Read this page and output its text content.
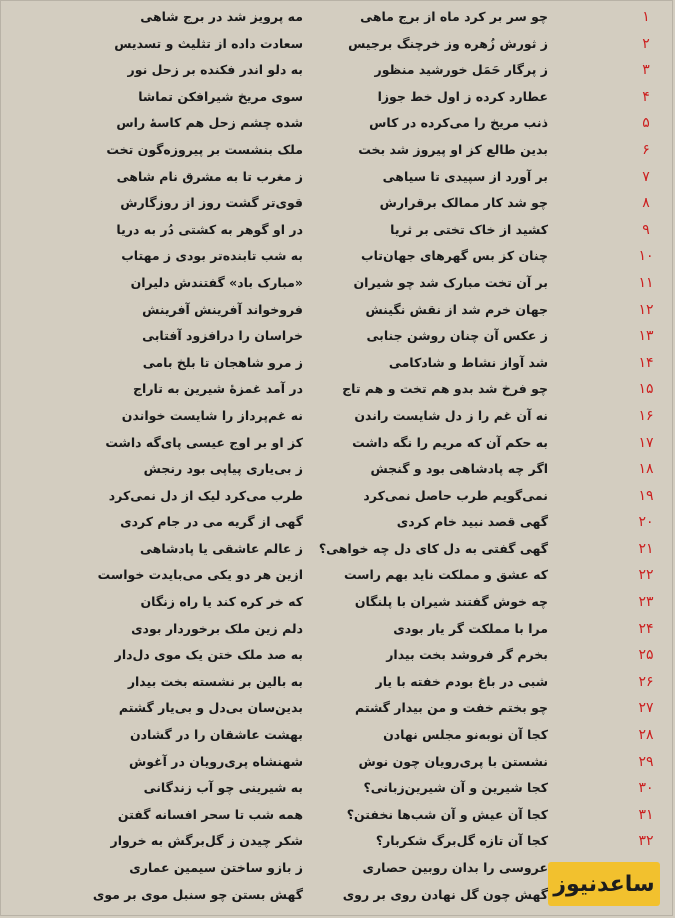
۱
چو سر بر کرد ماه از برج ماهی
مه پرویز شد در برج شاهی
۲
ز ثورش زُهره وز خرچنگ برجیس
سعادت داده از تثلیث و تسدیس
۳
ز پرگار حَمَل خورشید منظور
به دلو اندر فکنده بر زحل نور
۴
عطارد کرده ز اول خط جوزا
سوی مریخ شیرافکن تماشا
۵
ذنب مریخ را می‌کرده در کاس
شده چشم زحل هم کاسهٔ راس
۶
بدین طالع کز او پیروز شد بخت
ملک بنشست بر پیروزه‌گون تخت
۷
بر آورد از سپیدی تا سیاهی
ز مغرب تا به مشرق نام شاهی
۸
چو شد کار ممالک برقرارش
قوی‌تر گشت روز از روزگارش
۹
کشید از خاک تختی بر ثریا
در او گوهر به کشتی دُر به دریا
۱۰
چنان کز بس گهرهای جهان‌تاب
به شب تابنده‌تر بودی ز مهتاب
۱۱
بر آن تخت مبارک شد چو شیران
«مبارک باد» گفتندش دلیران
۱۲
جهان خرم شد از نقش نگینش
فروخواند آفرینش آفرینش
۱۳
ز عکس آن چنان روشن جنابی
خراسان را درافزود آفتابی
۱۴
شد آواز نشاط و شادکامی
ز مرو شاهجان تا بلخ بامی
۱۵
چو فرخ شد بدو هم تخت و هم تاج
در آمد غمزهٔ شیرین به تاراج
۱۶
نه آن غم را ز دل شایست راندن
نه غم‌پرداز را شایست خواندن
۱۷
به حکم آن که مریم را نگه داشت
کز او بر اوج عیسی پای‌گه داشت
۱۸
اگر چه پادشاهی بود و گنجش
ز بی‌یاری پیاپی بود رنجش
۱۹
نمی‌گویم طرب حاصل نمی‌کرد
طرب می‌کرد لیک از دل نمی‌کرد
۲۰
گهی قصد نبید خام کردی
گهی از گریه می در جام کردی
۲۱
گهی گفتی به دل کای دل چه خواهی؟
ز عالم عاشقی یا پادشاهی
۲۲
که عشق و مملکت ناید بهم راست
ازین هر دو یکی می‌بایدت خواست
۲۳
چه خوش گفتند شیران با پلنگان
که خر کره کند یا راه زنگان
۲۴
مرا با مملکت گر یار بودی
دلم زین ملک برخوردار بودی
۲۵
بخرم گر فروشد بخت بیدار
به صد ملک ختن یک موی دل‌دار
۲۶
شبی در باغ بودم خفته با یار
به بالین بر نشسته بخت بیدار
۲۷
چو بختم خفت و من بیدار گشتم
بدین‌سان بی‌دل و بی‌یار گشتم
۲۸
کجا آن نوبه‌نو مجلس نهادن
بهشت عاشقان را در گشادن
۲۹
نشستن با پری‌رویان چون نوش
شهنشاه پری‌رویان در آغوش
۳۰
کجا شیرین و آن شیرین‌زبانی؟
به شیرینی چو آب زندگانی
۳۱
کجا آن عیش و آن شب‌ها نخفتن؟
همه شب تا سحر افسانه گفتن
۳۲
کجا آن تازه گل‌برگ شکربار؟
شکر چیدن ز گل‌برگش به خروار
عروسی را بدان روبین حصاری
ز بازو ساختن سیمین عماری
گهش چون گل نهادن روی بر روی
گهش بستن چو سنبل موی بر موی	ساعدنیوز
